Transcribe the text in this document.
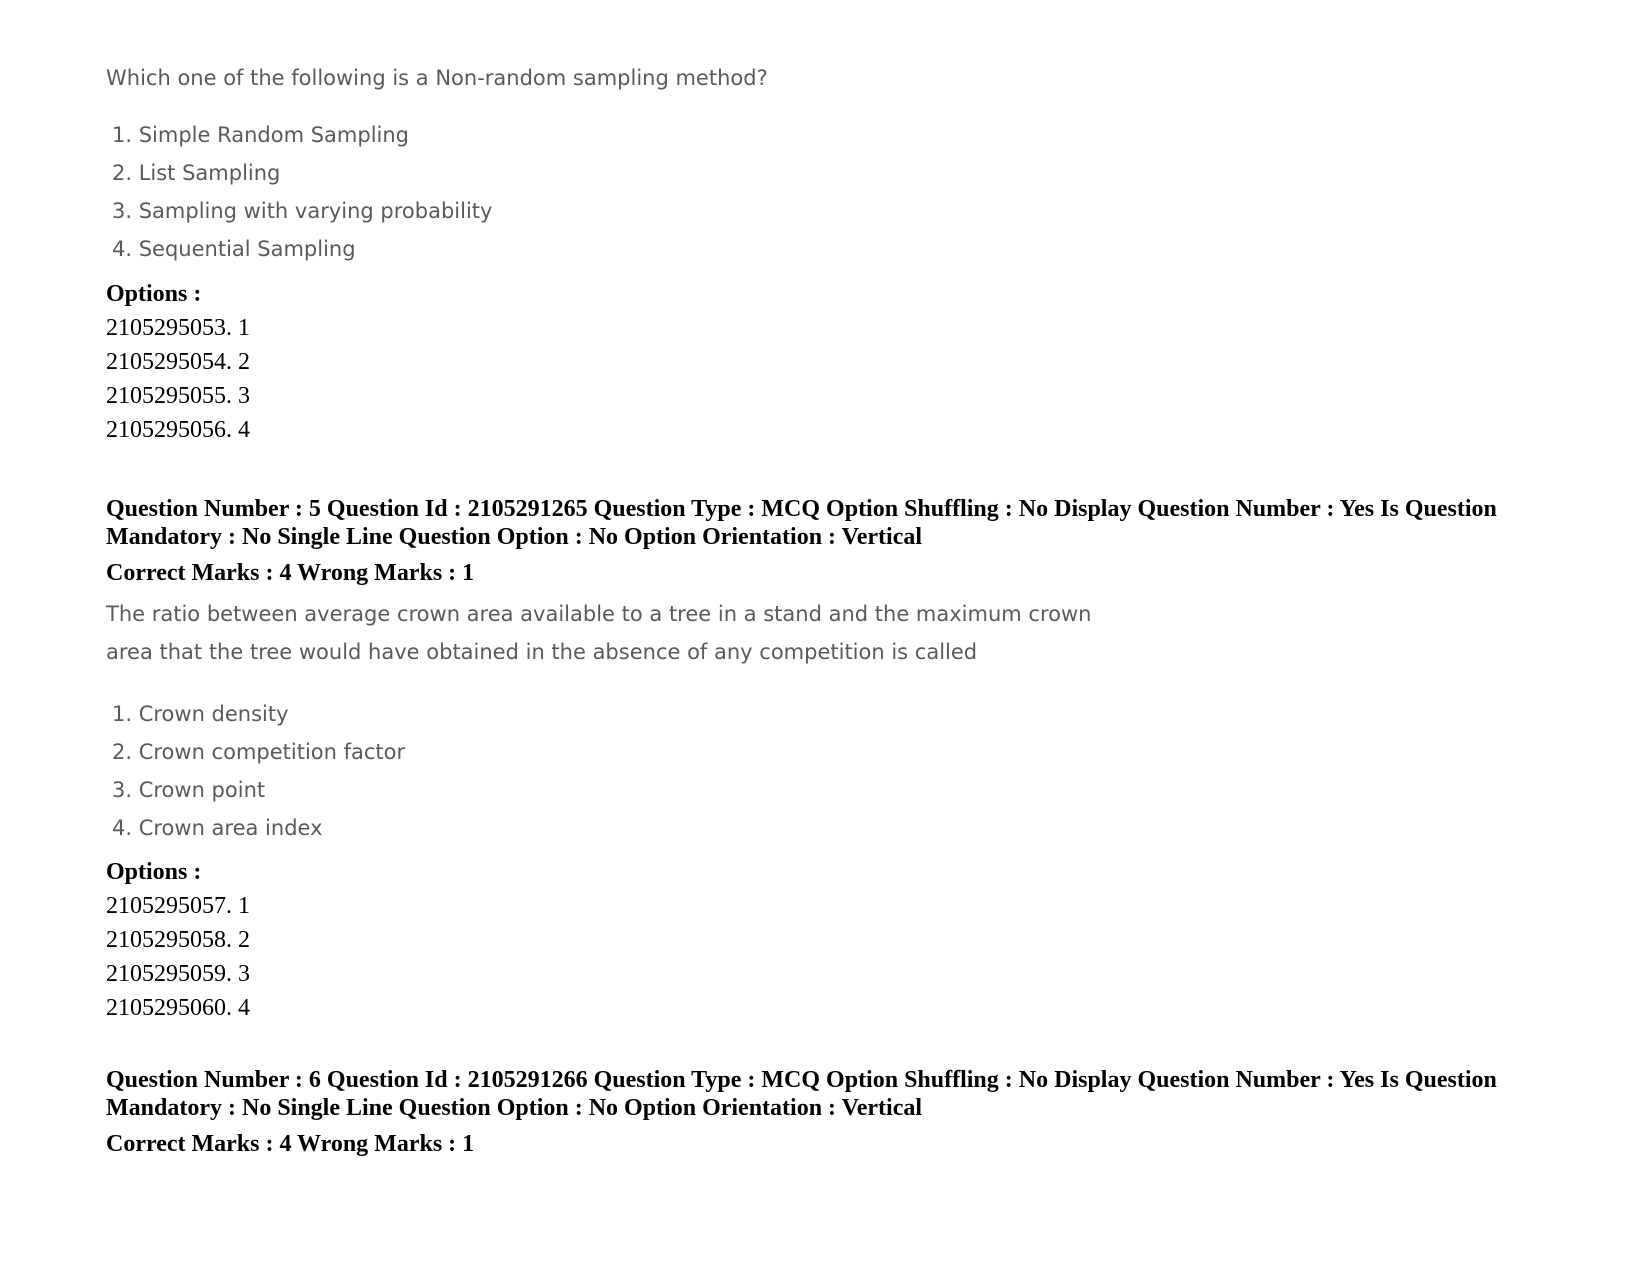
Which one of the following is a Non-random sampling method?

1. Simple Random Sampling
2. List Sampling
3. Sampling with varying probability
4. Sequential Sampling

Options :

2105295053. 1
2105295054. 2
2105295055. 3
2105295056. 4

Question Number : 5 Question Id : 2105291265 Question Type : MCQ Option Shuffling : No Display Question Number : Yes Is Question Mandatory : No Single Line Question Option : No Option Orientation : Vertical

Correct Marks : 4 Wrong Marks : 1

The ratio between average crown area available to a tree in a stand and the maximum crown

area that the tree would have obtained in the absence of any competition is called

1. Crown density
2. Crown competition factor
3. Crown point
4. Crown area index

Options :

2105295057. 1
2105295058. 2
2105295059. 3
2105295060. 4

Question Number : 6 Question Id : 2105291266 Question Type : MCQ Option Shuffling : No Display Question Number : Yes Is Question Mandatory : No Single Line Question Option : No Option Orientation : Vertical

Correct Marks : 4 Wrong Marks : 1
